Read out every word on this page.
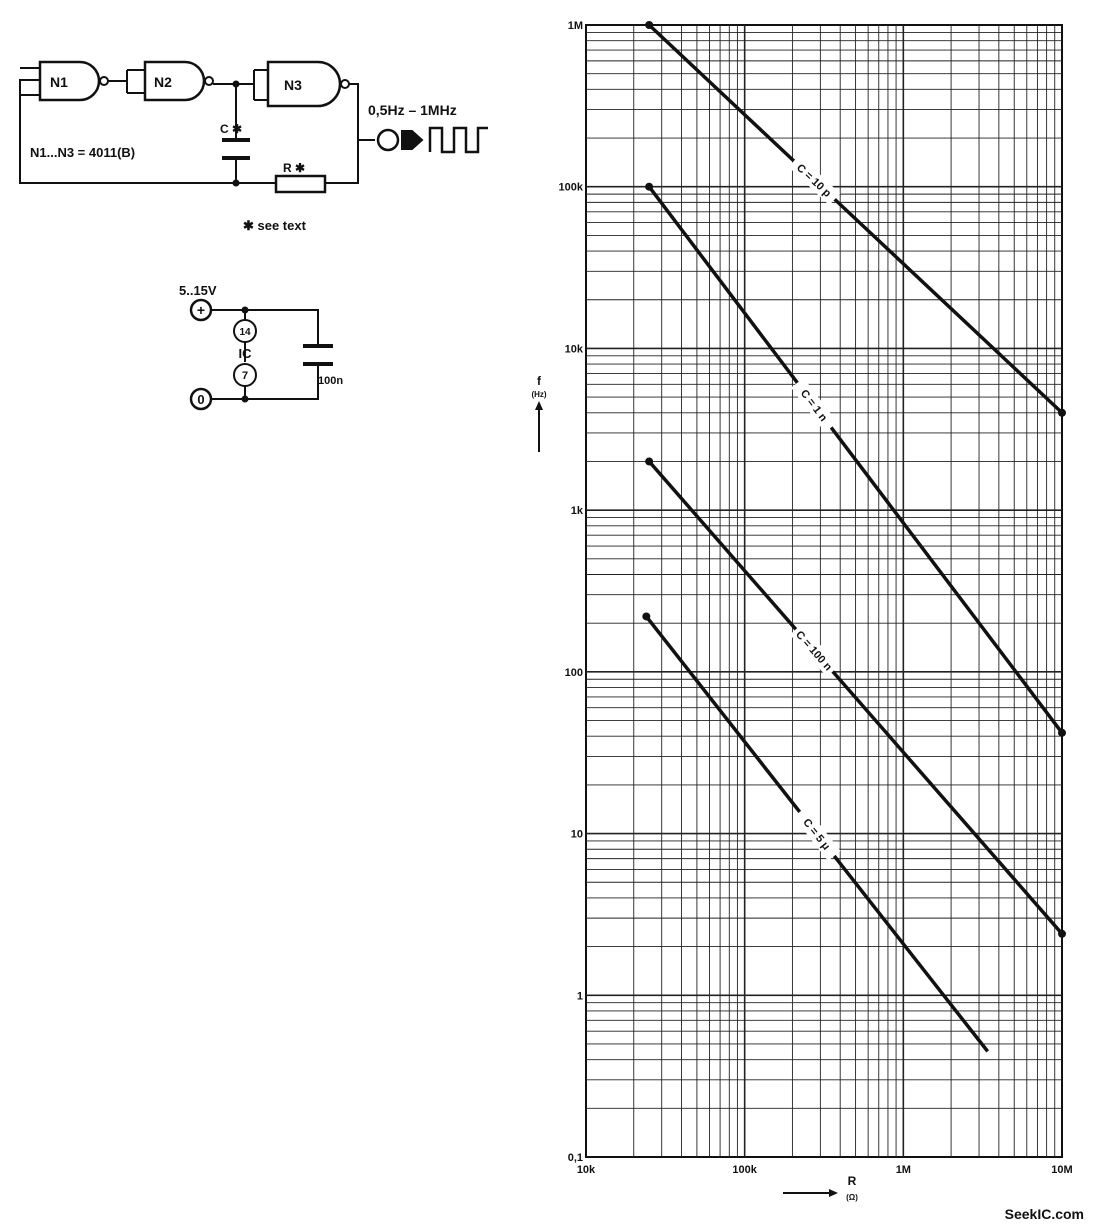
N1	N2	N3
N1...N3 = 4011(B)
C ✱
R ✱
0,5Hz – 1MHz
✱ see text
5..15V
+
0
14
IC
7	100n
0,1
1
10
100
1k
10k
100k
1M
10k	100k	1M	10M
C = 10 p
C = 1 n
C = 100 n
C = 5 μ
f
(Hz)
R
(Ω)
SeekIC.com
